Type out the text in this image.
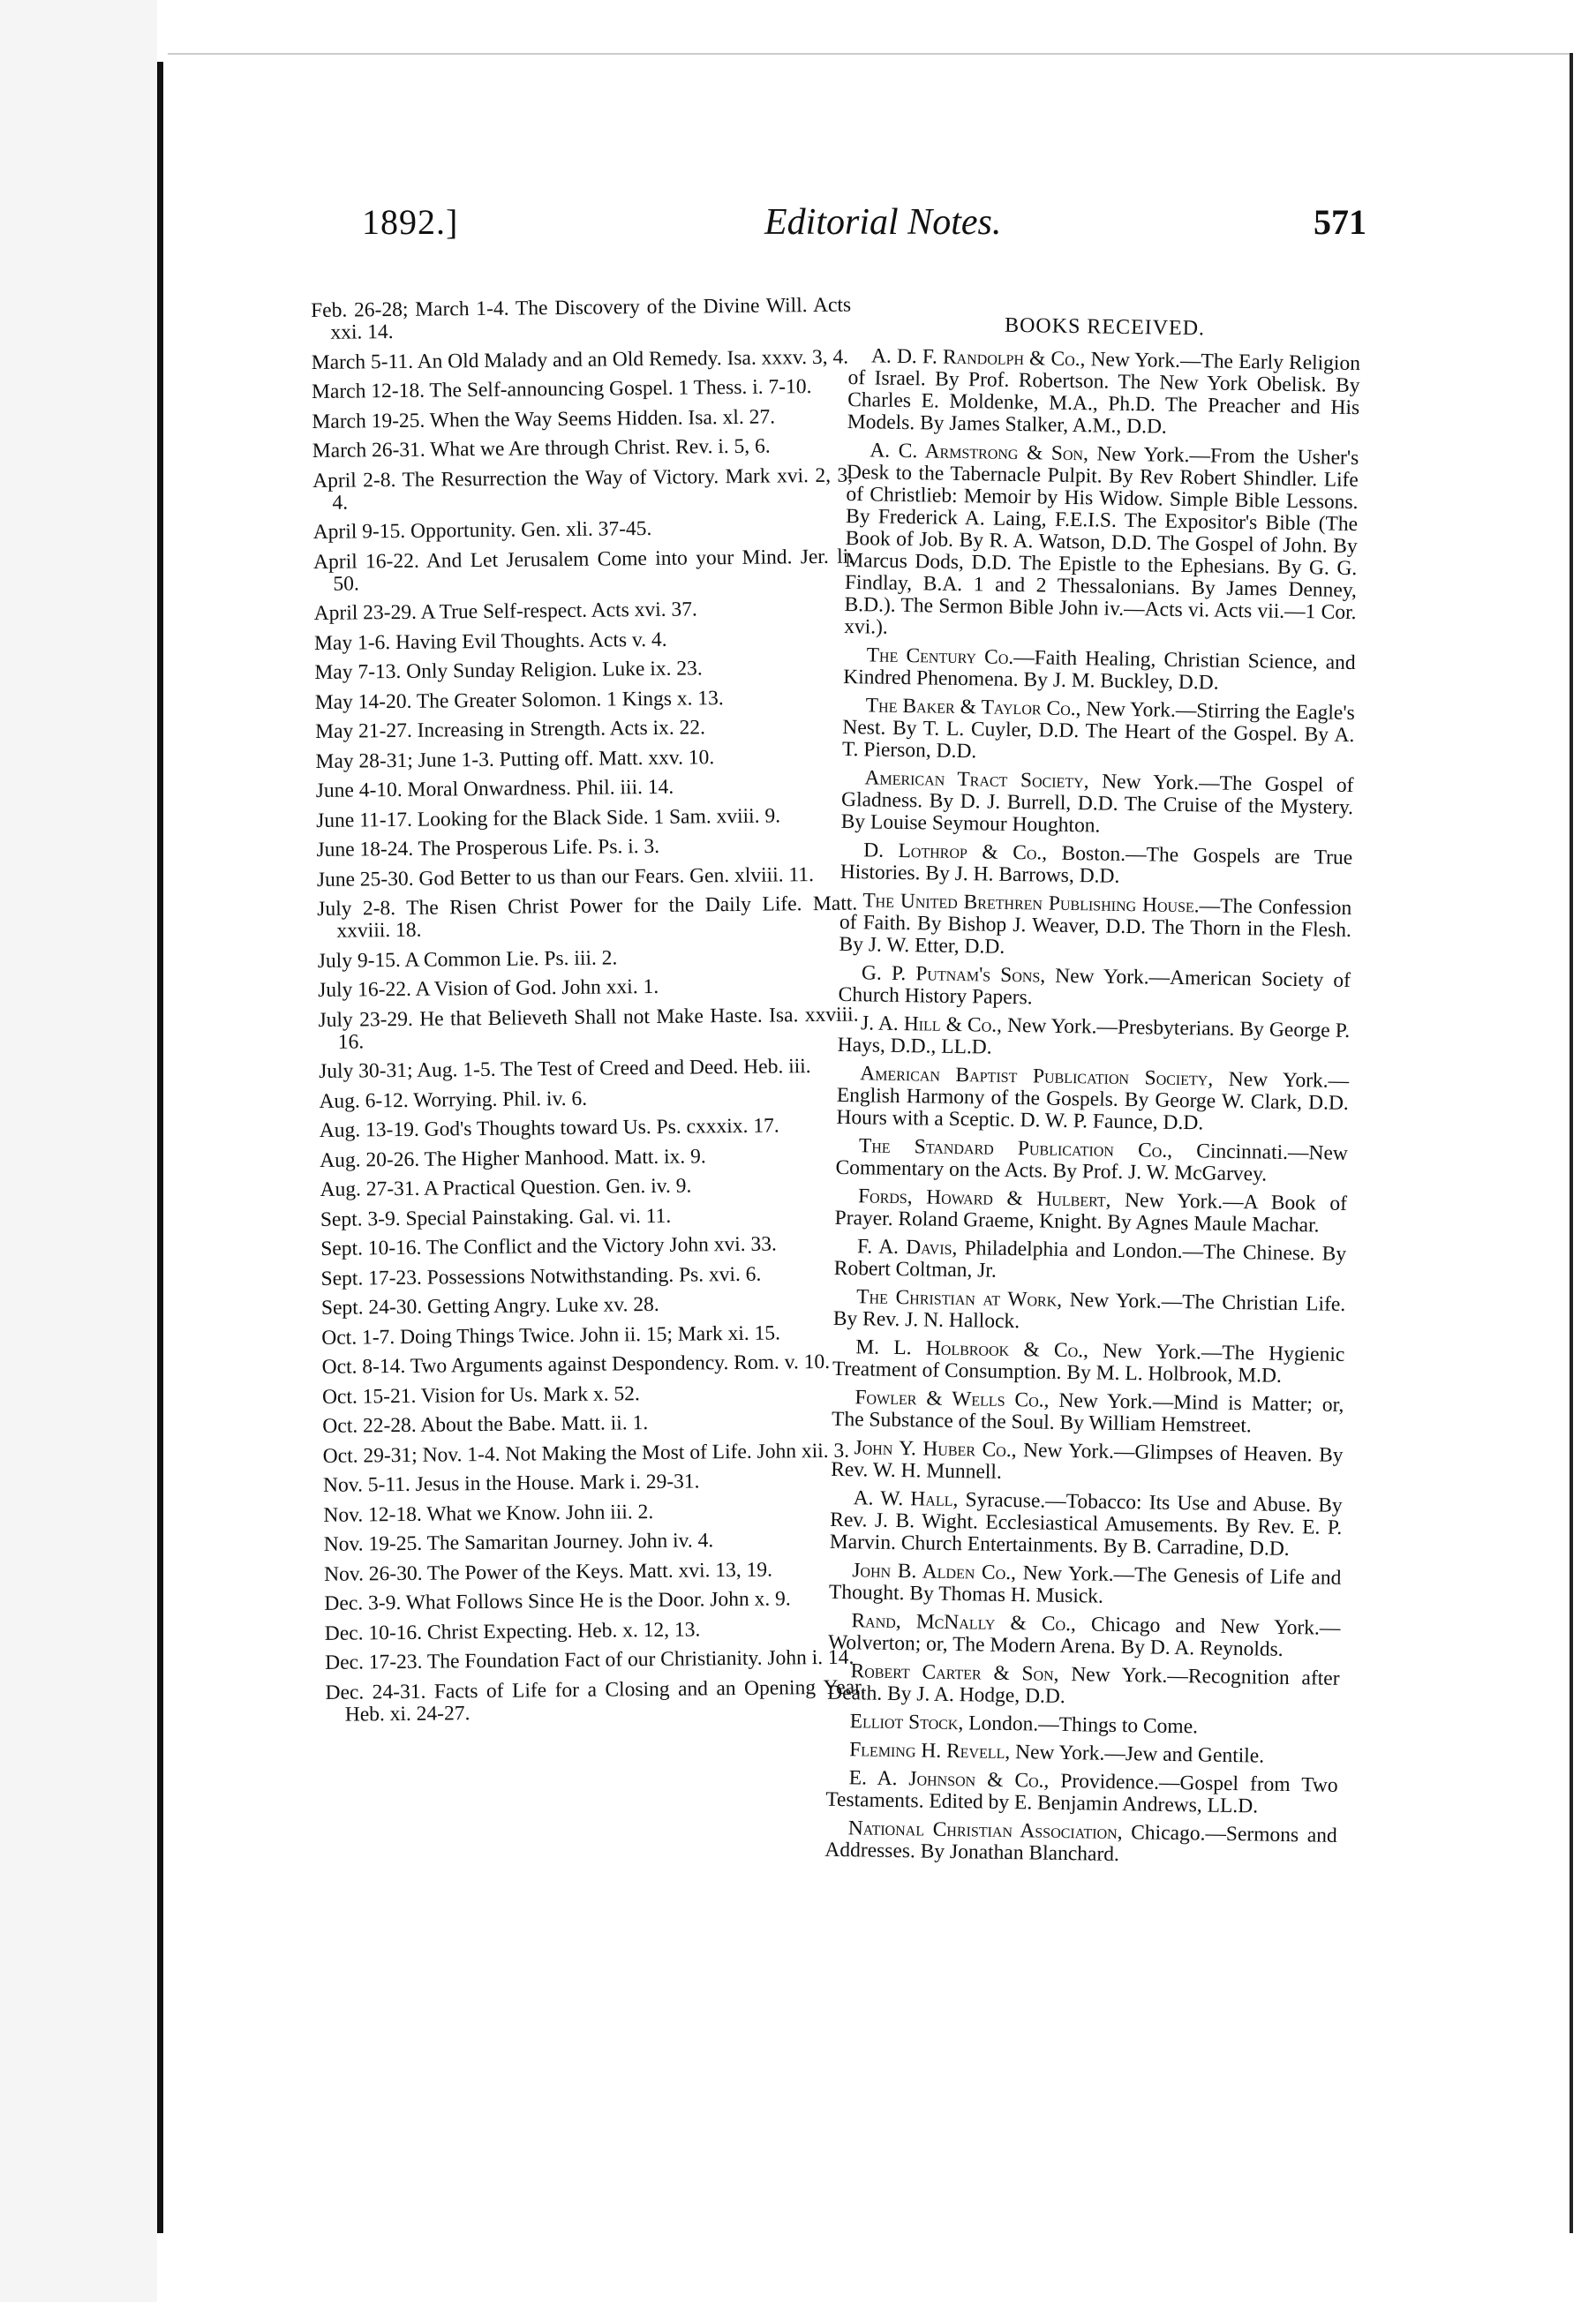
1892.]	Editorial Notes.	571
Feb. 26-28; March 1-4. The Discovery of the Divine Will. Acts xxi. 14.
March 5-11. An Old Malady and an Old Remedy. Isa. xxxv. 3, 4.
March 12-18. The Self-announcing Gospel. 1 Thess. i. 7-10.
March 19-25. When the Way Seems Hidden. Isa. xl. 27.
March 26-31. What we Are through Christ. Rev. i. 5, 6.
April 2-8. The Resurrection the Way of Victory. Mark xvi. 2, 3, 4.
April 9-15. Opportunity. Gen. xli. 37-45.
April 16-22. And Let Jerusalem Come into your Mind. Jer. li. 50.
April 23-29. A True Self-respect. Acts xvi. 37.
May 1-6. Having Evil Thoughts. Acts v. 4.
May 7-13. Only Sunday Religion. Luke ix. 23.
May 14-20. The Greater Solomon. 1 Kings x. 13.
May 21-27. Increasing in Strength. Acts ix. 22.
May 28-31; June 1-3. Putting off. Matt. xxv. 10.
June 4-10. Moral Onwardness. Phil. iii. 14.
June 11-17. Looking for the Black Side. 1 Sam. xviii. 9.
June 18-24. The Prosperous Life. Ps. i. 3.
June 25-30. God Better to us than our Fears. Gen. xlviii. 11.
July 2-8. The Risen Christ Power for the Daily Life. Matt. xxviii. 18.
July 9-15. A Common Lie. Ps. iii. 2.
July 16-22. A Vision of God. John xxi. 1.
July 23-29. He that Believeth Shall not Make Haste. Isa. xxviii. 16.
July 30-31; Aug. 1-5. The Test of Creed and Deed. Heb. iii.
Aug. 6-12. Worrying. Phil. iv. 6.
Aug. 13-19. God's Thoughts toward Us. Ps. cxxxix. 17.
Aug. 20-26. The Higher Manhood. Matt. ix. 9.
Aug. 27-31. A Practical Question. Gen. iv. 9.
Sept. 3-9. Special Painstaking. Gal. vi. 11.
Sept. 10-16. The Conflict and the Victory John xvi. 33.
Sept. 17-23. Possessions Notwithstanding. Ps. xvi. 6.
Sept. 24-30. Getting Angry. Luke xv. 28.
Oct. 1-7. Doing Things Twice. John ii. 15; Mark xi. 15.
Oct. 8-14. Two Arguments against Despondency. Rom. v. 10.
Oct. 15-21. Vision for Us. Mark x. 52.
Oct. 22-28. About the Babe. Matt. ii. 1.
Oct. 29-31; Nov. 1-4. Not Making the Most of Life. John xii. 3.
Nov. 5-11. Jesus in the House. Mark i. 29-31.
Nov. 12-18. What we Know. John iii. 2.
Nov. 19-25. The Samaritan Journey. John iv. 4.
Nov. 26-30. The Power of the Keys. Matt. xvi. 13, 19.
Dec. 3-9. What Follows Since He is the Door. John x. 9.
Dec. 10-16. Christ Expecting. Heb. x. 12, 13.
Dec. 17-23. The Foundation Fact of our Christianity. John i. 14.
Dec. 24-31. Facts of Life for a Closing and an Opening Year. Heb. xi. 24-27.
BOOKS RECEIVED.
A. D. F. Randolph & Co., New York.—The Early Religion of Israel. By Prof. Robertson. The New York Obelisk. By Charles E. Moldenke, M.A., Ph.D. The Preacher and His Models. By James Stalker, A.M., D.D.
A. C. Armstrong & Son, New York.—From the Usher's Desk to the Tabernacle Pulpit. By Rev Robert Shindler. Life of Christlieb: Memoir by His Widow. Simple Bible Lessons. By Frederick A. Laing, F.E.I.S. The Expositor's Bible (The Book of Job. By R. A. Watson, D.D. The Gospel of John. By Marcus Dods, D.D. The Epistle to the Ephesians. By G. G. Findlay, B.A. 1 and 2 Thessalonians. By James Denney, B.D.). The Sermon Bible John iv.—Acts vi. Acts vii.—1 Cor. xvi.).
The Century Co.—Faith Healing, Christian Science, and Kindred Phenomena. By J. M. Buckley, D.D.
The Baker & Taylor Co., New York.—Stirring the Eagle's Nest. By T. L. Cuyler, D.D. The Heart of the Gospel. By A. T. Pierson, D.D.
American Tract Society, New York.—The Gospel of Gladness. By D. J. Burrell, D.D. The Cruise of the Mystery. By Louise Seymour Houghton.
D. Lothrop & Co., Boston.—The Gospels are True Histories. By J. H. Barrows, D.D.
The United Brethren Publishing House.—The Confession of Faith. By Bishop J. Weaver, D.D. The Thorn in the Flesh. By J. W. Etter, D.D.
G. P. Putnam's Sons, New York.—American Society of Church History Papers.
J. A. Hill & Co., New York.—Presbyterians. By George P. Hays, D.D., LL.D.
American Baptist Publication Society, New York.—English Harmony of the Gospels. By George W. Clark, D.D. Hours with a Sceptic. D. W. P. Faunce, D.D.
The Standard Publication Co., Cincinnati.—New Commentary on the Acts. By Prof. J. W. McGarvey.
Fords, Howard & Hulbert, New York.—A Book of Prayer. Roland Graeme, Knight. By Agnes Maule Machar.
F. A. Davis, Philadelphia and London.—The Chinese. By Robert Coltman, Jr.
The Christian at Work, New York.—The Christian Life. By Rev. J. N. Hallock.
M. L. Holbrook & Co., New York.—The Hygienic Treatment of Consumption. By M. L. Holbrook, M.D.
Fowler & Wells Co., New York.—Mind is Matter; or, The Substance of the Soul. By William Hemstreet.
John Y. Huber Co., New York.—Glimpses of Heaven. By Rev. W. H. Munnell.
A. W. Hall, Syracuse.—Tobacco: Its Use and Abuse. By Rev. J. B. Wight. Ecclesiastical Amusements. By Rev. E. P. Marvin. Church Entertainments. By B. Carradine, D.D.
John B. Alden Co., New York.—The Genesis of Life and Thought. By Thomas H. Musick.
Rand, McNally & Co., Chicago and New York.—Wolverton; or, The Modern Arena. By D. A. Reynolds.
Robert Carter & Son, New York.—Recognition after Death. By J. A. Hodge, D.D.
Elliot Stock, London.—Things to Come.
Fleming H. Revell, New York.—Jew and Gentile.
E. A. Johnson & Co., Providence.—Gospel from Two Testaments. Edited by E. Benjamin Andrews, LL.D.
National Christian Association, Chicago.—Sermons and Addresses. By Jonathan Blanchard.
